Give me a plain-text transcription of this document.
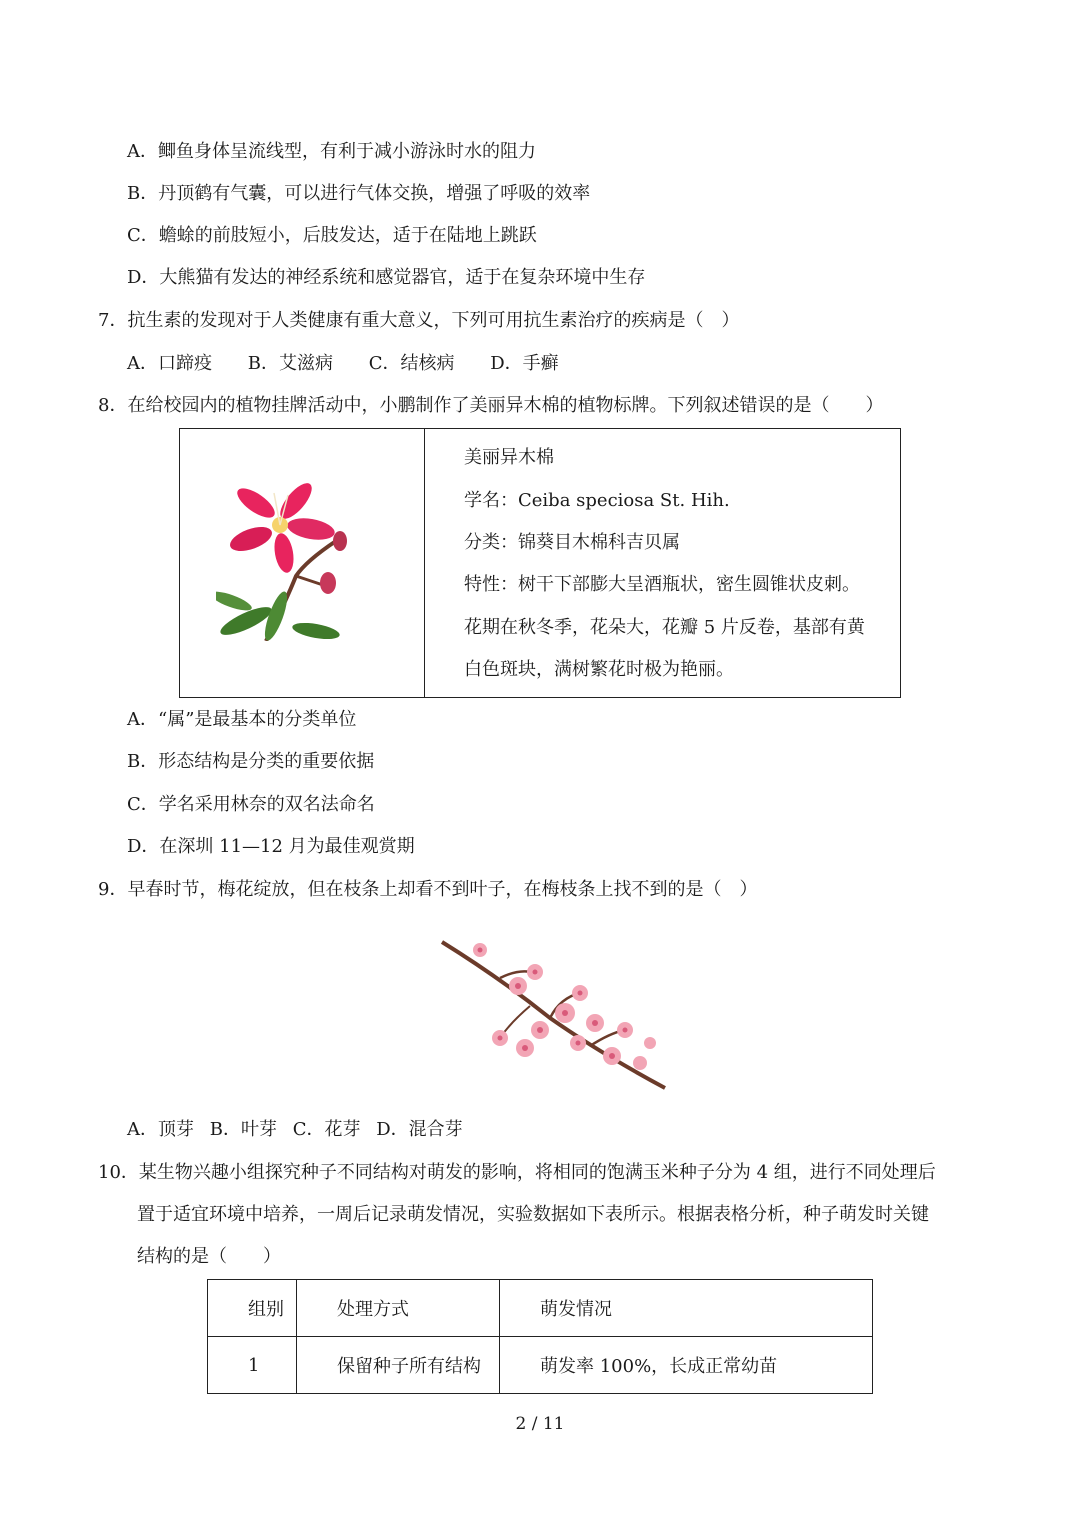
A．鲫鱼身体呈流线型，有利于减小游泳时水的阻力
B．丹顶鹤有气囊，可以进行气体交换，增强了呼吸的效率
C．蟾蜍的前肢短小，后肢发达，适于在陆地上跳跃
D．大熊猫有发达的神经系统和感觉器官，适于在复杂环境中生存
7．抗生素的发现对于人类健康有重大意义，下列可用抗生素治疗的疾病是（　）
A．口蹄疫 B．艾滋病 C．结核病 D．手癣
8．在给校园内的植物挂牌活动中，小鹏制作了美丽异木棉的植物标牌。下列叙述错误的是（　　）
美丽异木棉
学名：Ceiba speciosa St. Hih.
分类：锦葵目木棉科吉贝属
特性：树干下部膨大呈酒瓶状，密生圆锥状皮刺。
花期在秋冬季，花朵大，花瓣 5 片反卷，基部有黄
白色斑块，满树繁花时极为艳丽。
A．“属”是最基本的分类单位
B．形态结构是分类的重要依据
C．学名采用林奈的双名法命名
D．在深圳 11—12 月为最佳观赏期
9．早春时节，梅花绽放，但在枝条上却看不到叶子，在梅枝条上找不到的是（　）
A．顶芽 B．叶芽 C．花芽 D．混合芽
10．某生物兴趣小组探究种子不同结构对萌发的影响，将相同的饱满玉米种子分为 4 组，进行不同处理后
置于适宜环境中培养，一周后记录萌发情况，实验数据如下表所示。根据表格分析，种子萌发时关键
结构的是（　　）
组别	处理方式	萌发情况
1	保留种子所有结构	萌发率 100%，长成正常幼苗
2 / 11
